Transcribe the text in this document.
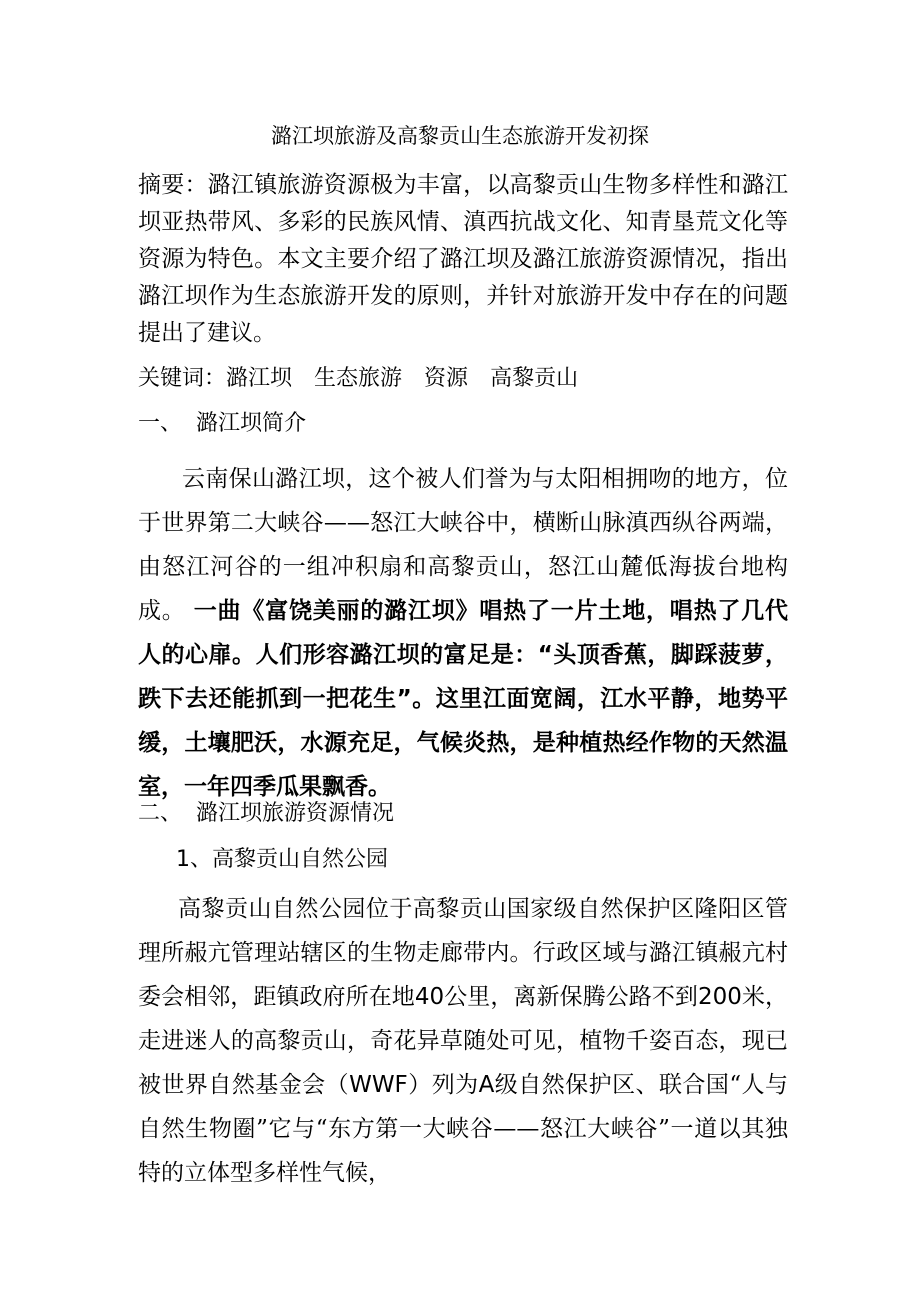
潞江坝旅游及高黎贡山生态旅游开发初探
摘要：潞江镇旅游资源极为丰富，以高黎贡山生物多样性和潞江坝亚热带风、多彩的民族风情、滇西抗战文化、知青垦荒文化等资源为特色。本文主要介绍了潞江坝及潞江旅游资源情况，指出潞江坝作为生态旅游开发的原则，并针对旅游开发中存在的问题提出了建议。
关键词：潞江坝 生态旅游 资源 高黎贡山
一、 潞江坝简介
云南保山潞江坝，这个被人们誉为与太阳相拥吻的地方，位于世界第二大峡谷——怒江大峡谷中，横断山脉滇西纵谷两端，由怒江河谷的一组冲积扇和高黎贡山，怒江山麓低海拔台地构成。 一曲《富饶美丽的潞江坝》唱热了一片土地，唱热了几代人的心扉。人们形容潞江坝的富足是：“头顶香蕉，脚踩菠萝，跌下去还能抓到一把花生”。这里江面宽阔，江水平静，地势平缓，土壤肥沃，水源充足，气候炎热，是种植热经作物的天然温室，一年四季瓜果飘香。
二、 潞江坝旅游资源情况
1、高黎贡山自然公园
高黎贡山自然公园位于高黎贡山国家级自然保护区隆阳区管理所赧亢管理站辖区的生物走廊带内。行政区域与潞江镇赧亢村委会相邻，距镇政府所在地40公里，离新保腾公路不到200米，走进迷人的高黎贡山，奇花异草随处可见，植物千姿百态，现已被世界自然基金会（WWF）列为A级自然保护区、联合国“人与自然生物圈”它与“东方第一大峡谷——怒江大峡谷”一道以其独特的立体型多样性气候，
